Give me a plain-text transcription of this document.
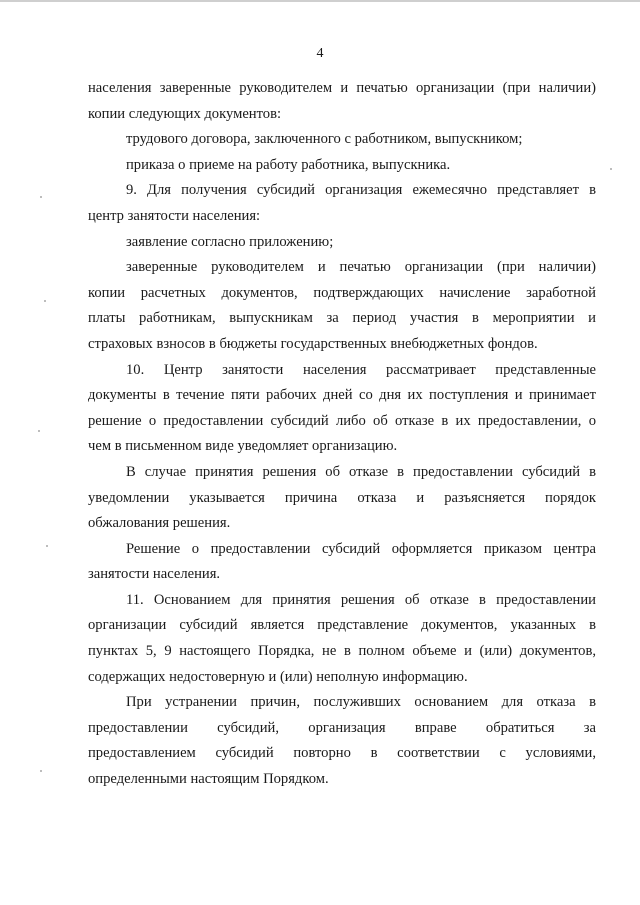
4
населения заверенные руководителем и печатью организации (при наличии)
копии следующих документов:
трудового договора, заключенного с работником, выпускником;
приказа о приеме на работу работника, выпускника.
9. Для получения субсидий организация ежемесячно представляет в
центр занятости населения:
заявление согласно приложению;
заверенные руководителем и печатью организации (при наличии)
копии расчетных документов, подтверждающих начисление заработной
платы работникам, выпускникам за период участия в мероприятии и
страховых взносов в бюджеты государственных внебюджетных фондов.
10. Центр занятости населения рассматривает представленные
документы в течение пяти рабочих дней со дня их поступления и принимает
решение о предоставлении субсидий либо об отказе в их предоставлении, о
чем в письменном виде уведомляет организацию.
В случае принятия решения об отказе в предоставлении субсидий в
уведомлении указывается причина отказа и разъясняется порядок
обжалования решения.
Решение о предоставлении субсидий оформляется приказом центра
занятости населения.
11. Основанием для принятия решения об отказе в предоставлении
организации субсидий является представление документов, указанных в
пунктах 5, 9 настоящего Порядка, не в полном объеме и (или) документов,
содержащих недостоверную и (или) неполную информацию.
При устранении причин, послуживших основанием для отказа в
предоставлении субсидий, организация вправе обратиться за
предоставлением субсидий повторно в соответствии с условиями,
определенными настоящим Порядком.
